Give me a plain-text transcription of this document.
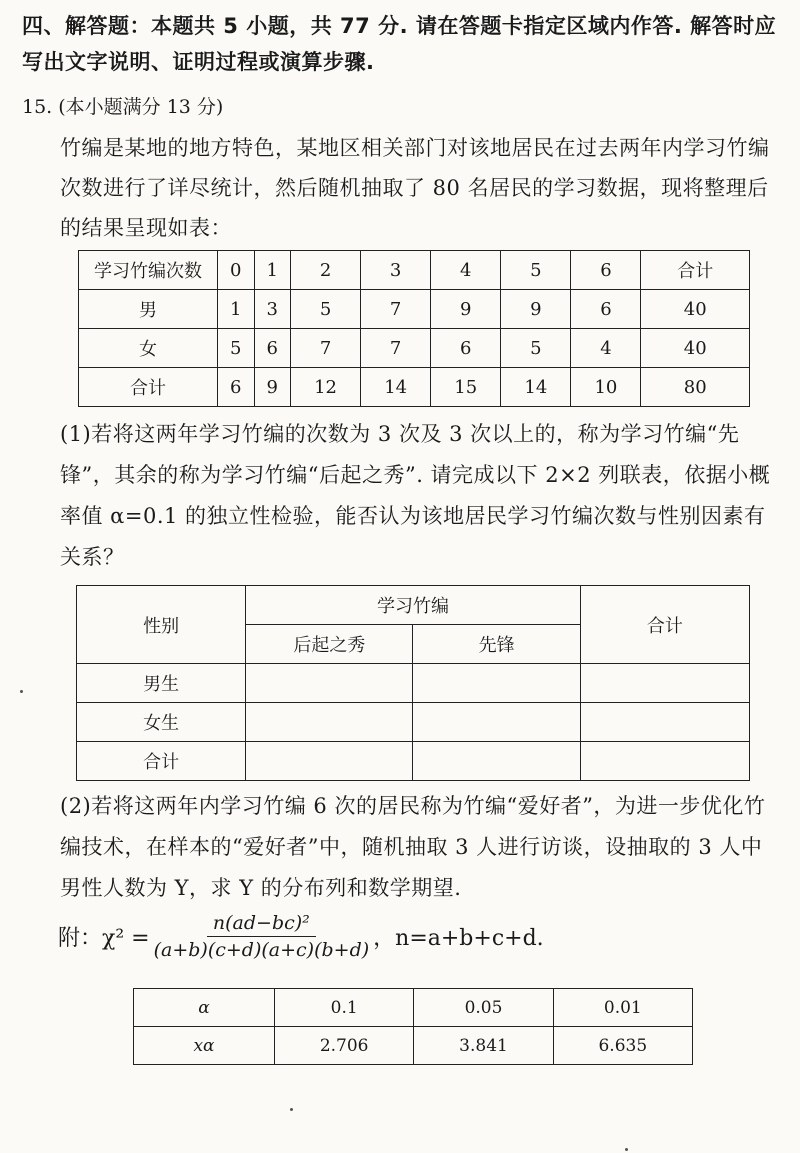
四、解答题：本题共 5 小题，共 77 分. 请在答题卡指定区域内作答. 解答时应写出文字说明、证明过程或演算步骤.
15. (本小题满分 13 分)
竹编是某地的地方特色，某地区相关部门对该地居民在过去两年内学习竹编次数进行了详尽统计，然后随机抽取了 80 名居民的学习数据，现将整理后的结果呈现如表：
学习竹编次数	0	1	2	3	4	5	6	合计
男	1	3	5	7	9	9	6	40
女	5	6	7	7	6	5	4	40
合计	6	9	12	14	15	14	10	80
(1)若将这两年学习竹编的次数为 3 次及 3 次以上的，称为学习竹编“先锋”，其余的称为学习竹编“后起之秀”. 请完成以下 2×2 列联表，依据小概率值 α=0.1 的独立性检验，能否认为该地居民学习竹编次数与性别因素有关系？
性别	学习竹编		合计
	后起之秀	先锋	
男生			
女生			
合计			
(2)若将这两年内学习竹编 6 次的居民称为竹编“爱好者”，为进一步优化竹编技术，在样本的“爱好者”中，随机抽取 3 人进行访谈，设抽取的 3 人中男性人数为 Y，求 Y 的分布列和数学期望.
附：$\chi^2 = \frac{\text{n(ad−bc)²}}{(a+b)(c+d)(a+c)(b+d)}$ ，n=a+b+c+d.
α	0.1	0.05	0.01
xα	2.706	3.841	6.635
